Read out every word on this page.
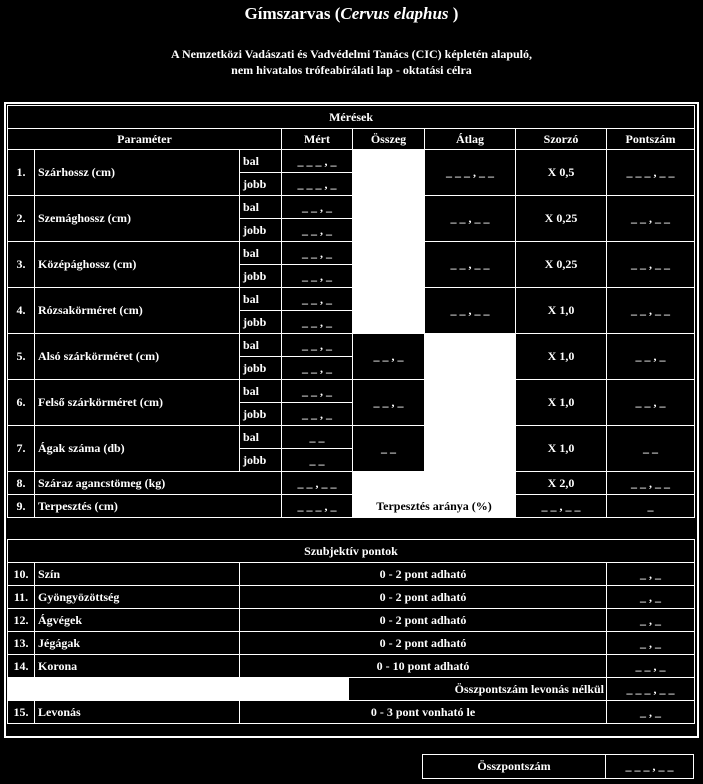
Gímszarvas (Cervus elaphus )
A Nemzetközi Vadászati és Vadvédelmi Tanács (CIC) képletén alapuló,
nem hivatalos trófeabírálati lap - oktatási célra
Mérések							
Paraméter			Mért	Összeg	Átlag	Szorzó	Pontszám
1.	Szárhossz (cm)	bal	_ _ _ , _		_ _ _ , _ _	X 0,5	_ _ _ , _ _
		jobb	_ _ _ , _				
2.	Szemághossz (cm)	bal	_ _ , _		_ _ , _ _	X 0,25	_ _ , _ _
		jobb	_ _ , _				
3.	Középághossz (cm)	bal	_ _ , _		_ _ , _ _	X 0,25	_ _ , _ _
		jobb	_ _ , _				
4.	Rózsakörméret (cm)	bal	_ _ , _		_ _ , _ _	X 1,0	_ _ , _ _
		jobb	_ _ , _				
5.	Alsó szárkörméret (cm)	bal	_ _ , _	_ _ , _		X 1,0	_ _ , _
		jobb	_ _ , _				
6.	Felső szárkörméret (cm)	bal	_ _ , _	_ _ , _		X 1,0	_ _ , _
		jobb	_ _ , _				
7.	Ágak száma (db)	bal	_ _	_ _		X 1,0	_ _
		jobb	_ _				
8.	Száraz agancstömeg (kg)		_ _ , _ _			X 2,0	_ _ , _ _
9.	Terpesztés (cm)		_ _ _ , _	Terpesztés aránya (%)		_ _ , _ _	_
Szubjektív pontok				
10.	Szín	0 - 2 pont adható		_ , _
11.	Gyöngyözöttség	0 - 2 pont adható		_ , _
12.	Ágvégek	0 - 2 pont adható		_ , _
13.	Jégágak	0 - 2 pont adható		_ , _
14.	Korona	0 - 10 pont adható		_ _ , _
			Összpontszám levonás nélkül	_ _ _ , _ _
15.	Levonás	0 - 3 pont vonható le		_ , _
Összpontszám	_ _ _ , _ _
